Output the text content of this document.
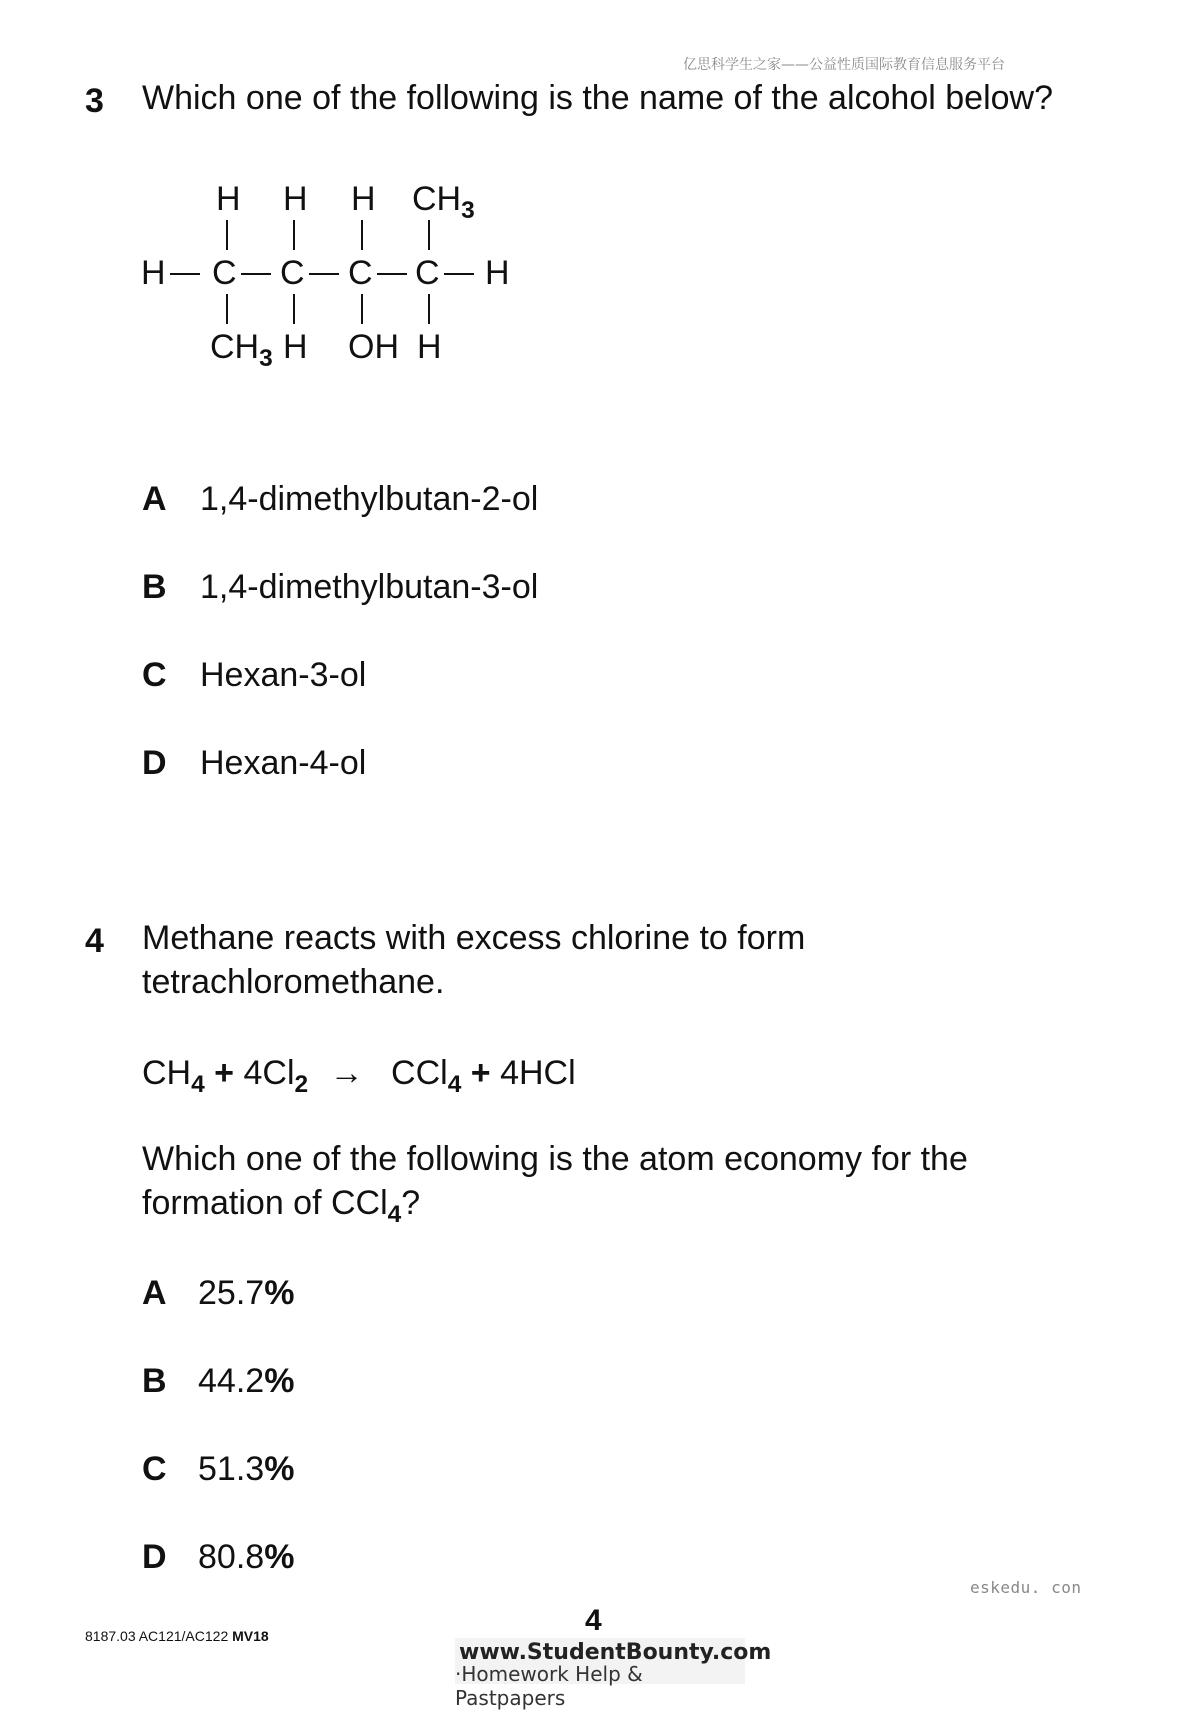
亿思科学生之家——公益性质国际教育信息服务平台
3 Which one of the following is the name of the alcohol below?
H H H $CH_3$
H C C C C H
$CH_3$ H OH H
A 1,4-dimethylbutan-2-ol
B 1,4-dimethylbutan-3-ol
C Hexan-3-ol
D Hexan-4-ol
4 Methane reacts with excess chlorine to form
tetrachloromethane.
$CH_4 + 4Cl_2 \to CCl_4 + 4HCl$
Which one of the following is the atom economy for the
formation of CCl$_4$?
A 25.7%
B 44.2%
C 51.3%
D 80.8%
eskedu. con
8187.03 AC121/AC122 MV18	4
www.StudentBounty.com
·Homework Help & Pastpapers
